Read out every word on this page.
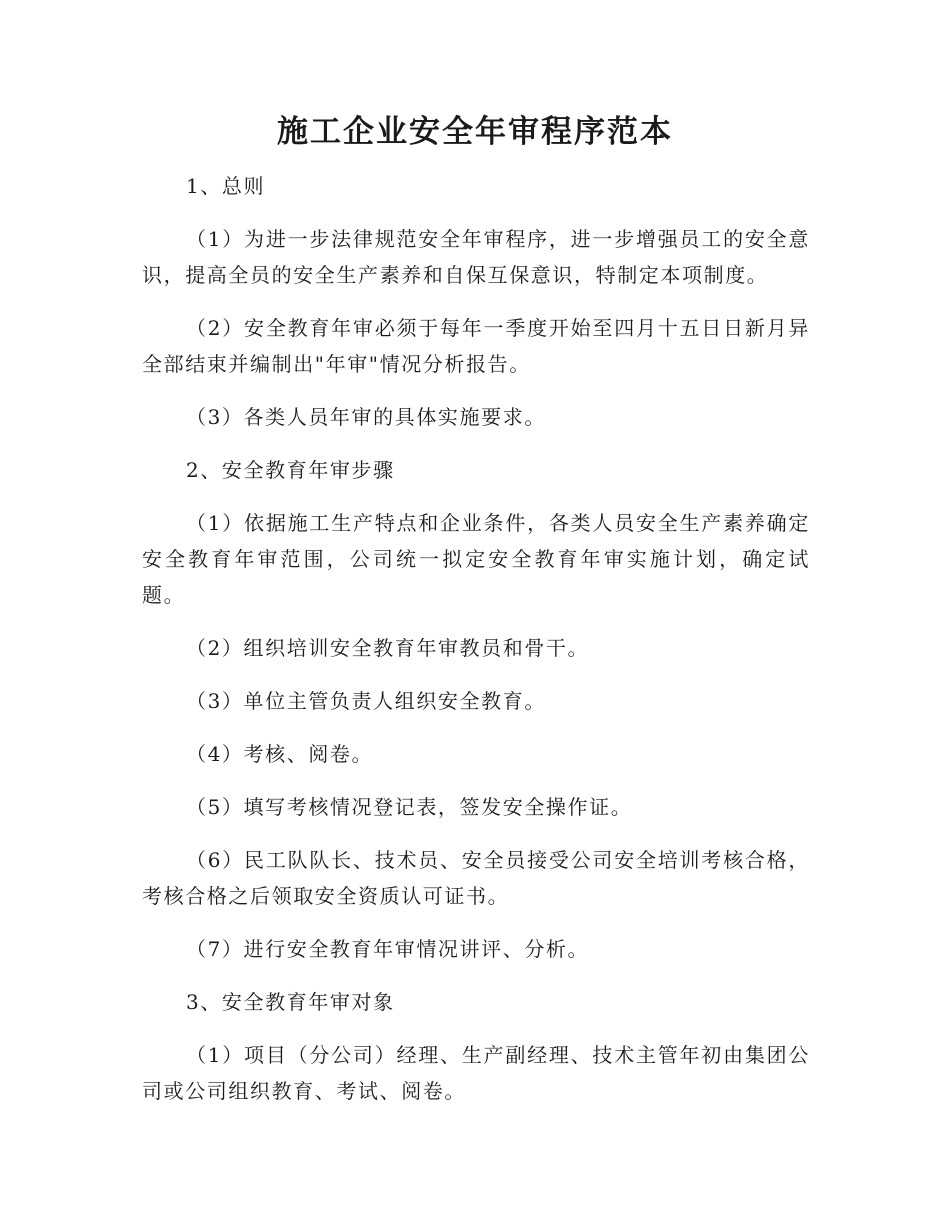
施工企业安全年审程序范本

1、总则

（1）为进一步法律规范安全年审程序，进一步增强员工的安全意识，提高全员的安全生产素养和自保互保意识，特制定本项制度。

（2）安全教育年审必须于每年一季度开始至四月十五日日新月异全部结束并编制出"年审"情况分析报告。

（3）各类人员年审的具体实施要求。

2、安全教育年审步骤

（1）依据施工生产特点和企业条件，各类人员安全生产素养确定安全教育年审范围，公司统一拟定安全教育年审实施计划，确定试题。

（2）组织培训安全教育年审教员和骨干。

（3）单位主管负责人组织安全教育。

（4）考核、阅卷。

（5）填写考核情况登记表，签发安全操作证。

（6）民工队队长、技术员、安全员接受公司安全培训考核合格，考核合格之后领取安全资质认可证书。

（7）进行安全教育年审情况讲评、分析。

3、安全教育年审对象

（1）项目（分公司）经理、生产副经理、技术主管年初由集团公司或公司组织教育、考试、阅卷。
